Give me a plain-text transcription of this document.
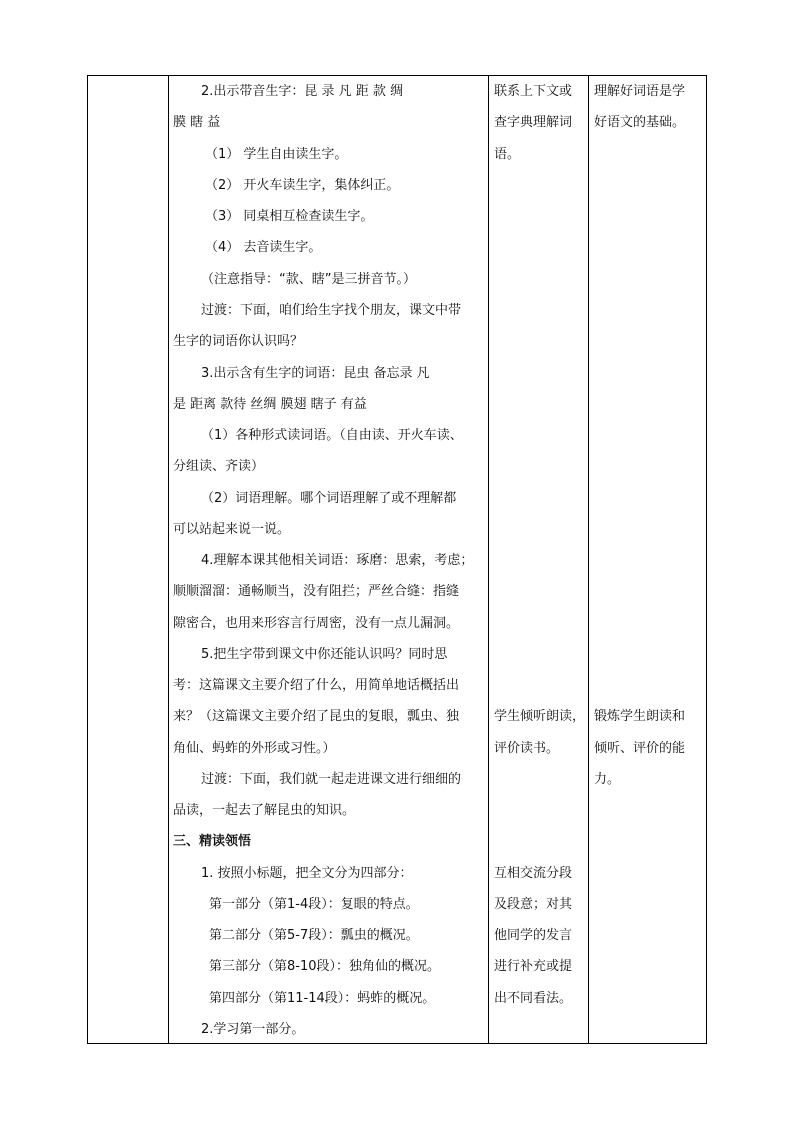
2.出示带音生字：昆 录 凡 距 款 绸
膜 瞎 益
（1） 学生自由读生字。
（2） 开火车读生字，集体纠正。
（3） 同桌相互检查读生字。
（4） 去音读生字。
（注意指导：“款、瞎”是三拼音节。）
过渡：下面，咱们给生字找个朋友，课文中带
生字的词语你认识吗？
3.出示含有生字的词语：昆虫 备忘录 凡
是 距离 款待 丝绸 膜翅 瞎子 有益
（1）各种形式读词语。（自由读、开火车读、
分组读、齐读）
（2）词语理解。哪个词语理解了或不理解都
可以站起来说一说。
4.理解本课其他相关词语：琢磨：思索，考虑；
顺顺溜溜：通畅顺当，没有阻拦；严丝合缝：指缝
隙密合，也用来形容言行周密，没有一点儿漏洞。
5.把生字带到课文中你还能认识吗？同时思
考：这篇课文主要介绍了什么，用简单地话概括出
来？（这篇课文主要介绍了昆虫的复眼，瓢虫、独
角仙、蚂蚱的外形或习性。）
过渡：下面，我们就一起走进课文进行细细的
品读，一起去了解昆虫的知识。
三、精读领悟
1. 按照小标题，把全文分为四部分：
第一部分（第1-4段）：复眼的特点。
第二部分（第5-7段）：瓢虫的概况。
第三部分（第8-10段）：独角仙的概况。
第四部分（第11-14段）：蚂蚱的概况。
2.学习第一部分。
联系上下文或
查字典理解词
语。
学生倾听朗读，
评价读书。
互相交流分段
及段意；对其
他同学的发言
进行补充或提
出不同看法。
理解好词语是学
好语文的基础。
锻炼学生朗读和
倾听、评价的能
力。
